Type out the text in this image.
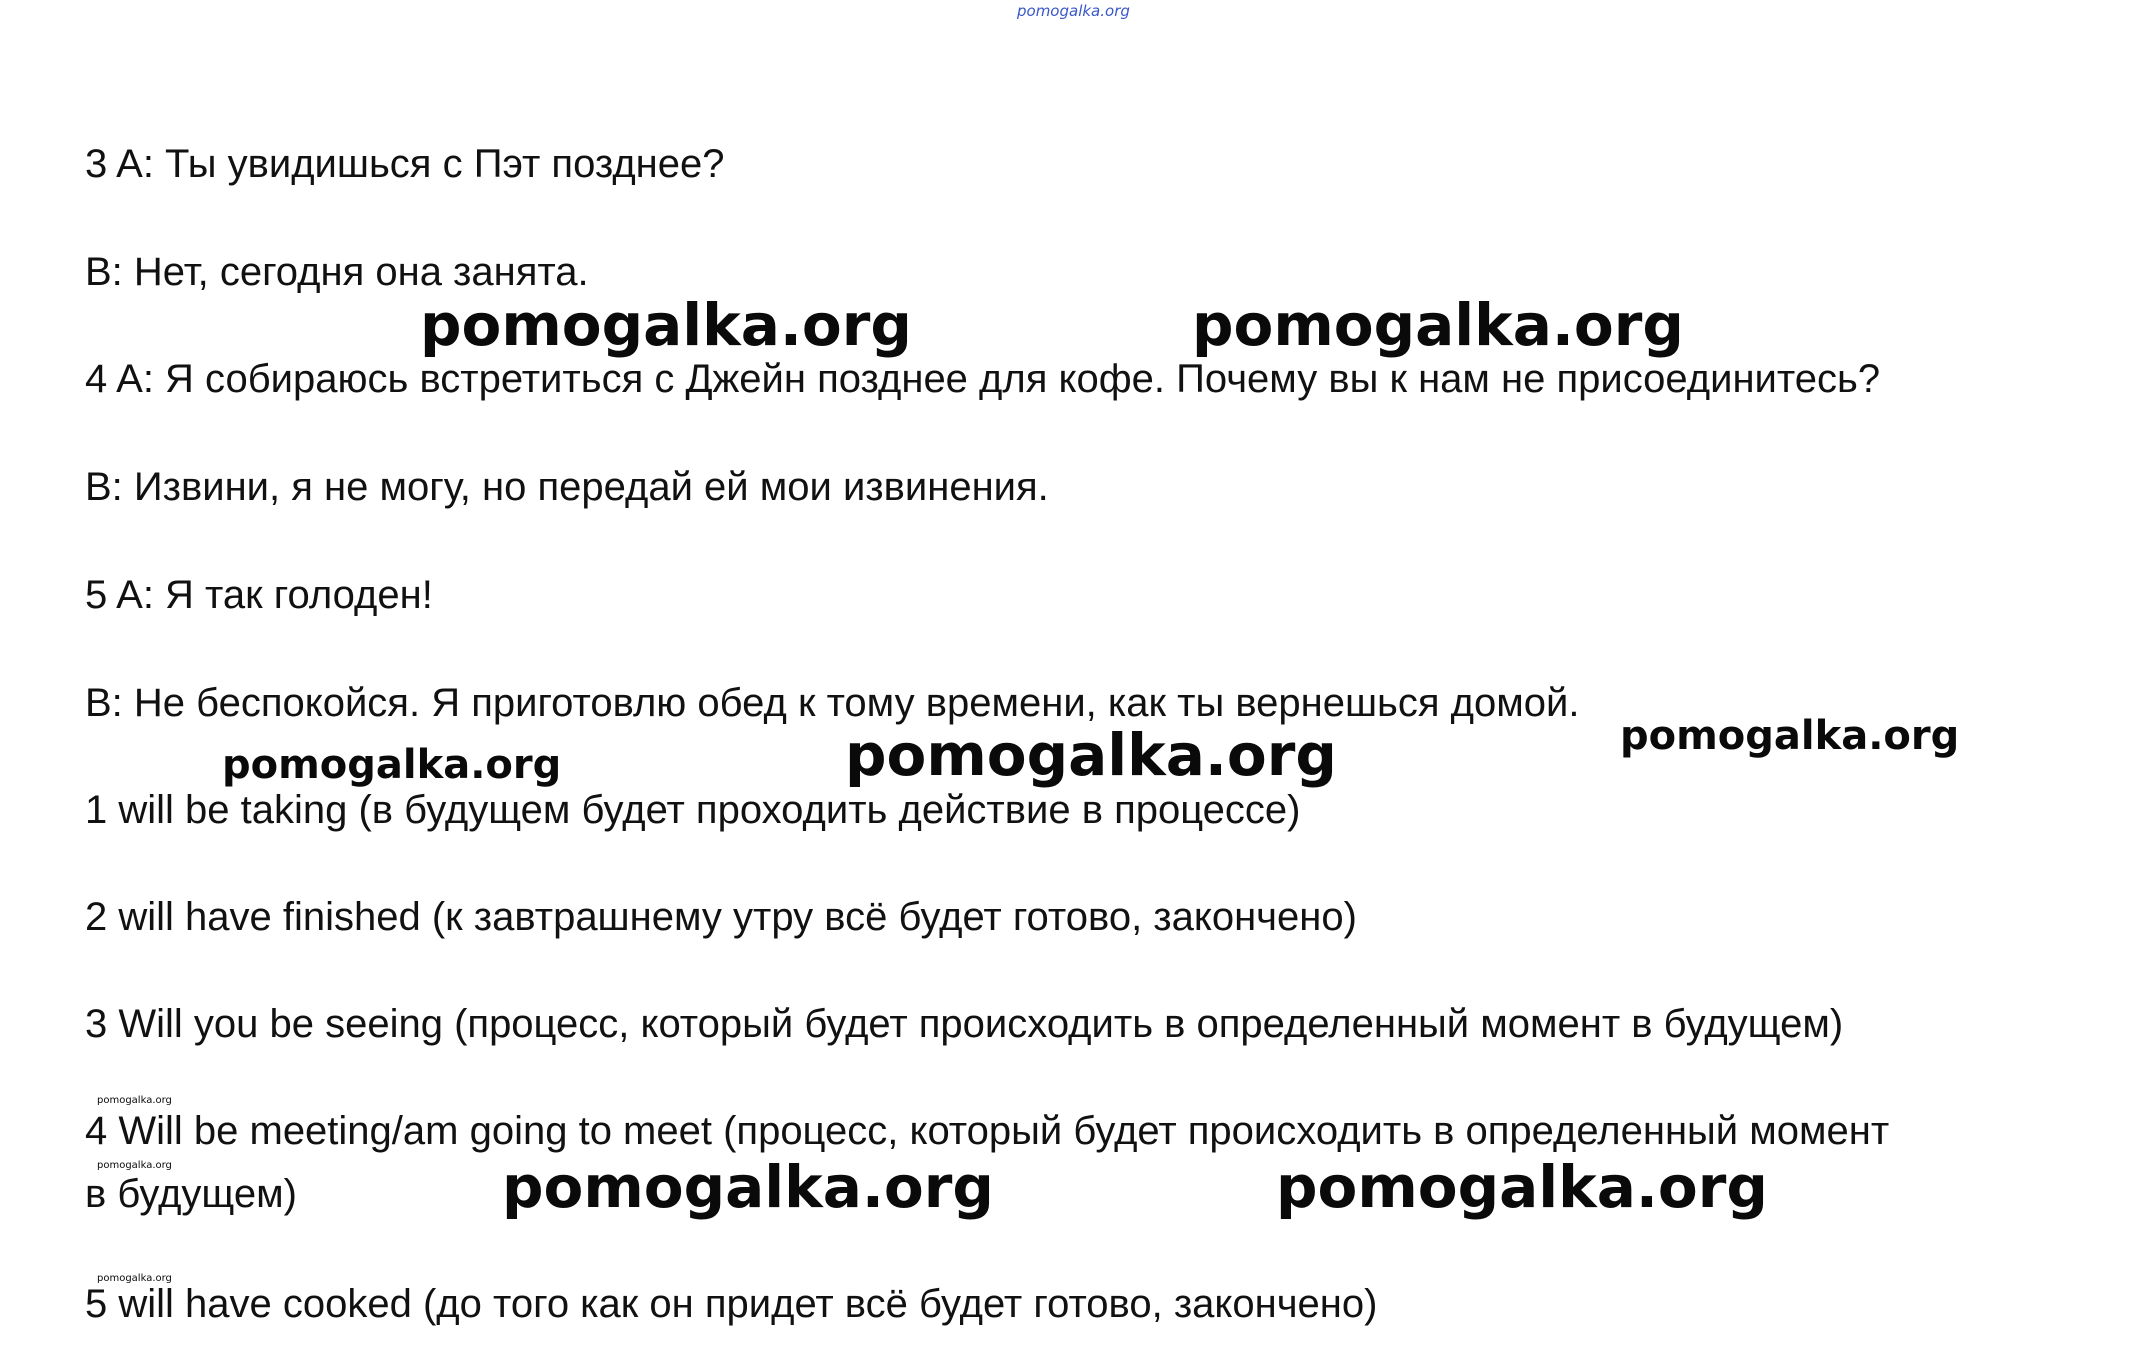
pomogalka.org
3 A: Ты увидишься с Пэт позднее?
B: Нет, сегодня она занята.
pomogalka.org	pomogalka.org
4 A: Я собираюсь встретиться с Джейн позднее для кофе. Почему вы к нам не присоединитесь?
B: Извини, я не могу, но передай ей мои извинения.
5 A: Я так голоден!
B: Не беспокойся. Я приготовлю обед к тому времени, как ты вернешься домой.
pomogalka.org	pomogalka.org	pomogalka.org
1 will be taking (в будущем будет проходить действие в процессе)
2 will have finished (к завтрашнему утру всё будет готово, закончено)
3 Will you be seeing (процесс, который будет происходить в определенный момент в будущем)
pomogalka.org
4 Will be meeting/am going to meet (процесс, который будет происходить в определенный момент
pomogalka.org
в будущем)	pomogalka.org	pomogalka.org
pomogalka.org
5 will have cooked (до того как он придет всё будет готово, закончено)
